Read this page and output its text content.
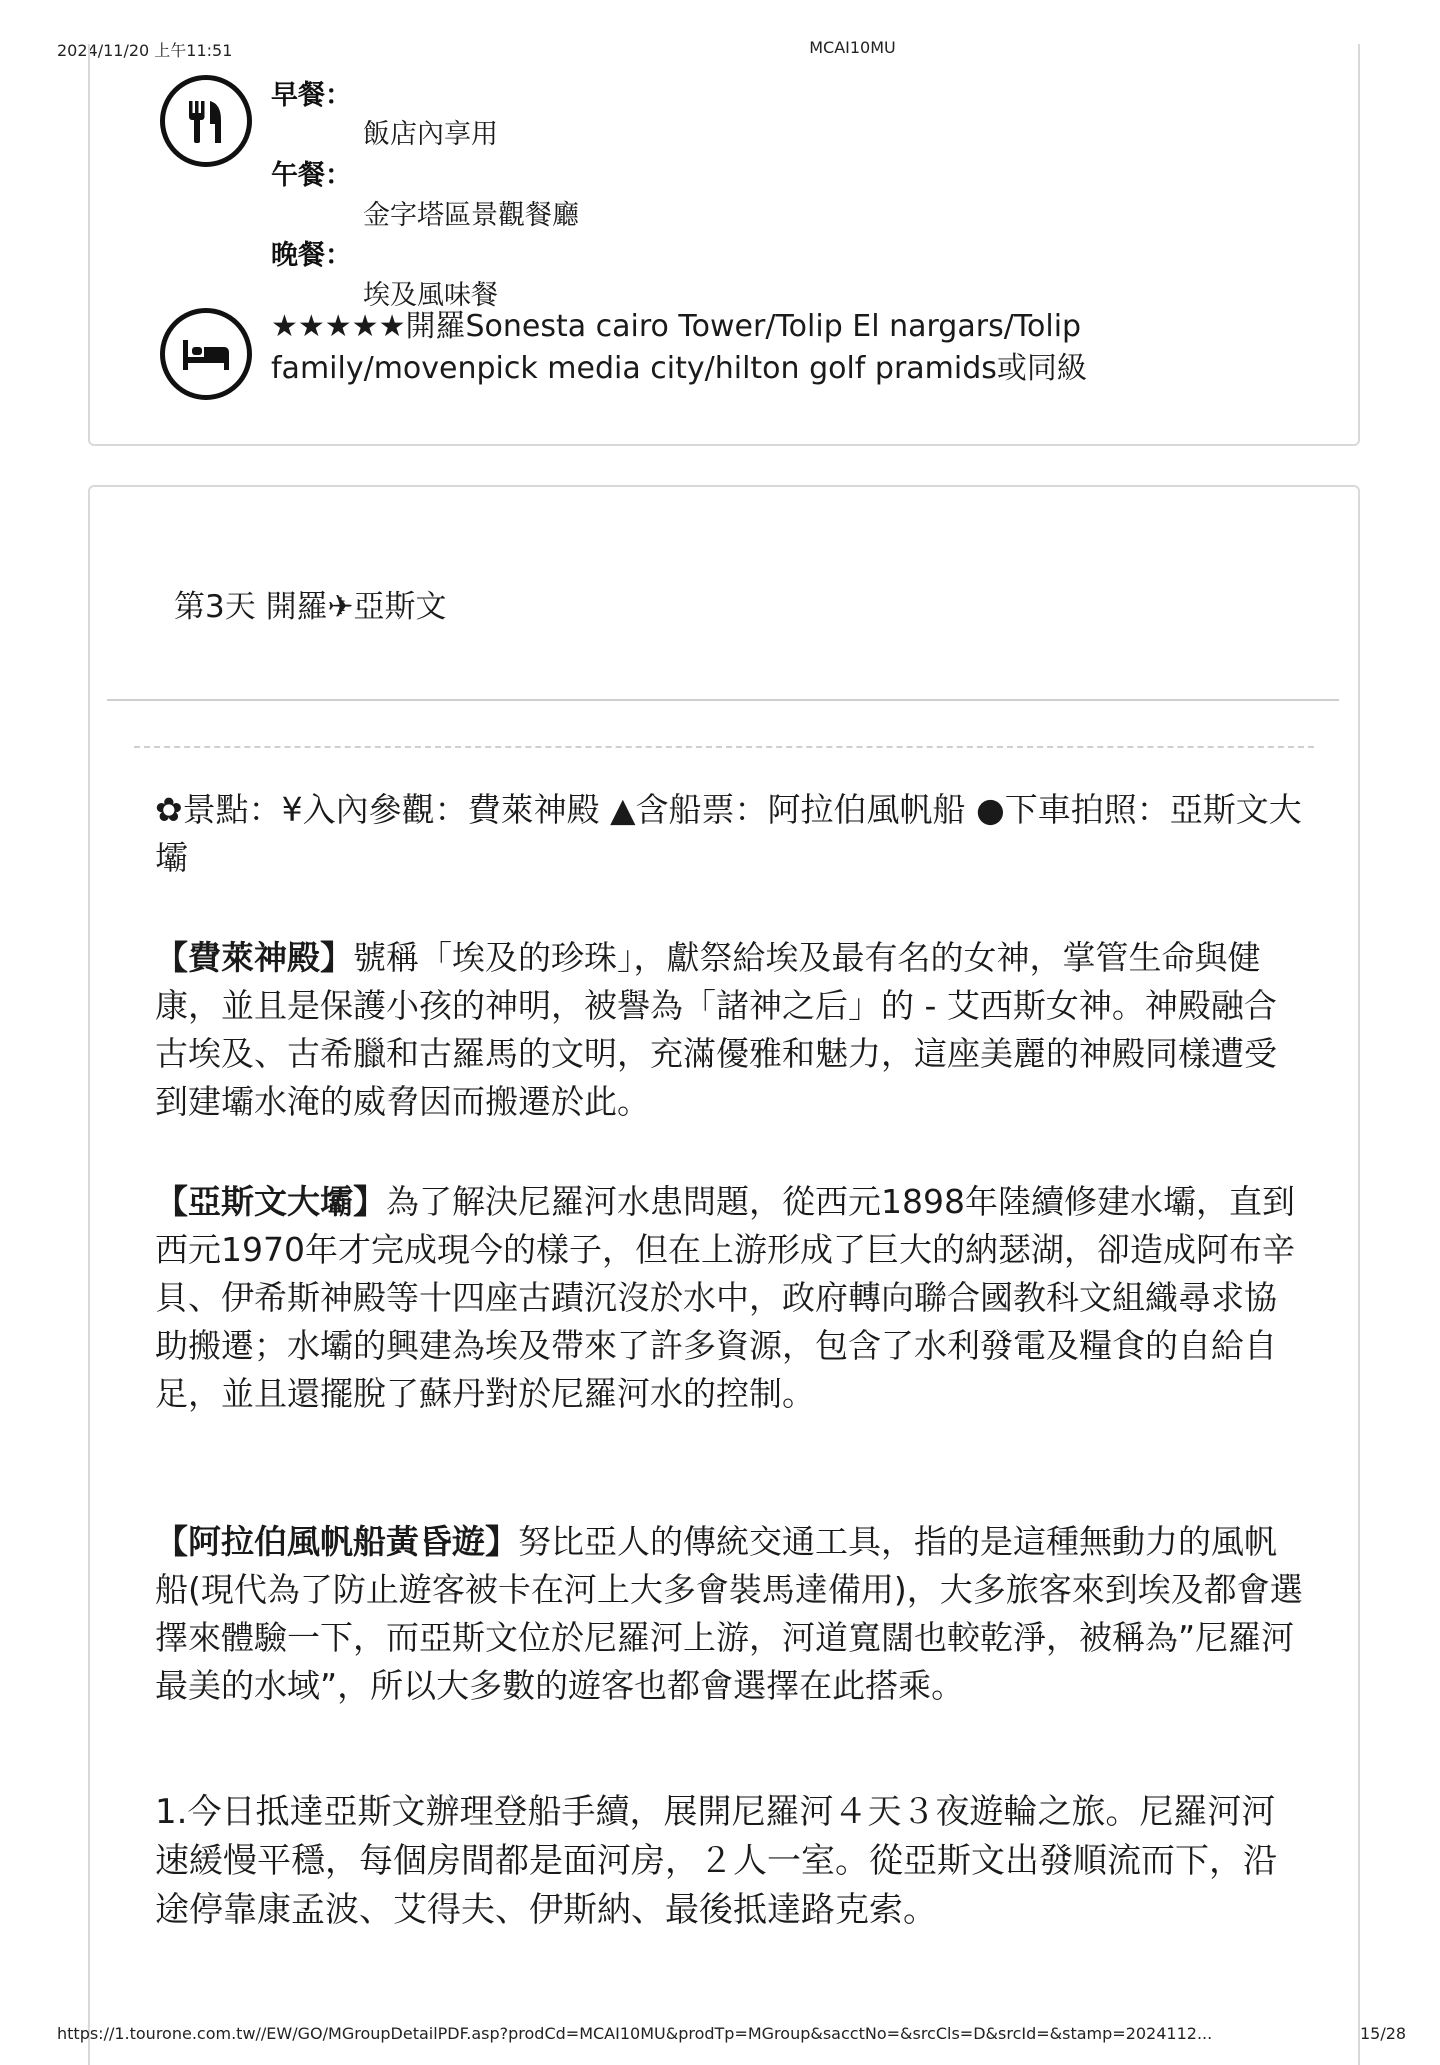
2024/11/20 上午11:51	MCAI10MU
早餐：
飯店內享用
午餐：
金字塔區景觀餐廳
晚餐：
埃及風味餐
★★★★★開羅Sonesta cairo Tower/Tolip El nargars/Tolip family/movenpick media city/hilton golf pramids或同級
第3天 開羅✈亞斯文
✿景點：¥入內參觀：費萊神殿 ▲含船票：阿拉伯風帆船 ●下車拍照：亞斯文大壩
【費萊神殿】號稱「埃及的珍珠」，獻祭給埃及最有名的女神，掌管生命與健康，並且是保護小孩的神明，被譽為「諸神之后」的 - 艾西斯女神。神殿融合古埃及、古希臘和古羅馬的文明，充滿優雅和魅力，這座美麗的神殿同樣遭受到建壩水淹的威脅因而搬遷於此。
【亞斯文大壩】為了解決尼羅河水患問題，從西元1898年陸續修建水壩，直到西元1970年才完成現今的樣子，但在上游形成了巨大的納瑟湖，卻造成阿布辛貝、伊希斯神殿等十四座古蹟沉沒於水中，政府轉向聯合國教科文組織尋求協助搬遷；水壩的興建為埃及帶來了許多資源，包含了水利發電及糧食的自給自足，並且還擺脫了蘇丹對於尼羅河水的控制。
【阿拉伯風帆船黃昏遊】努比亞人的傳統交通工具，指的是這種無動力的風帆船(現代為了防止遊客被卡在河上大多會裝馬達備用)，大多旅客來到埃及都會選擇來體驗一下，而亞斯文位於尼羅河上游，河道寬闊也較乾淨，被稱為”尼羅河最美的水域”，所以大多數的遊客也都會選擇在此搭乘。
1.今日抵達亞斯文辦理登船手續，展開尼羅河４天３夜遊輪之旅。尼羅河河速緩慢平穩，每個房間都是面河房，２人一室。從亞斯文出發順流而下，沿途停靠康孟波、艾得夫、伊斯納、最後抵達路克索。
https://1.tourone.com.tw//EW/GO/MGroupDetailPDF.asp?prodCd=MCAI10MU&prodTp=MGroup&sacctNo=&srcCls=D&srcId=&stamp=2024112...	15/28
